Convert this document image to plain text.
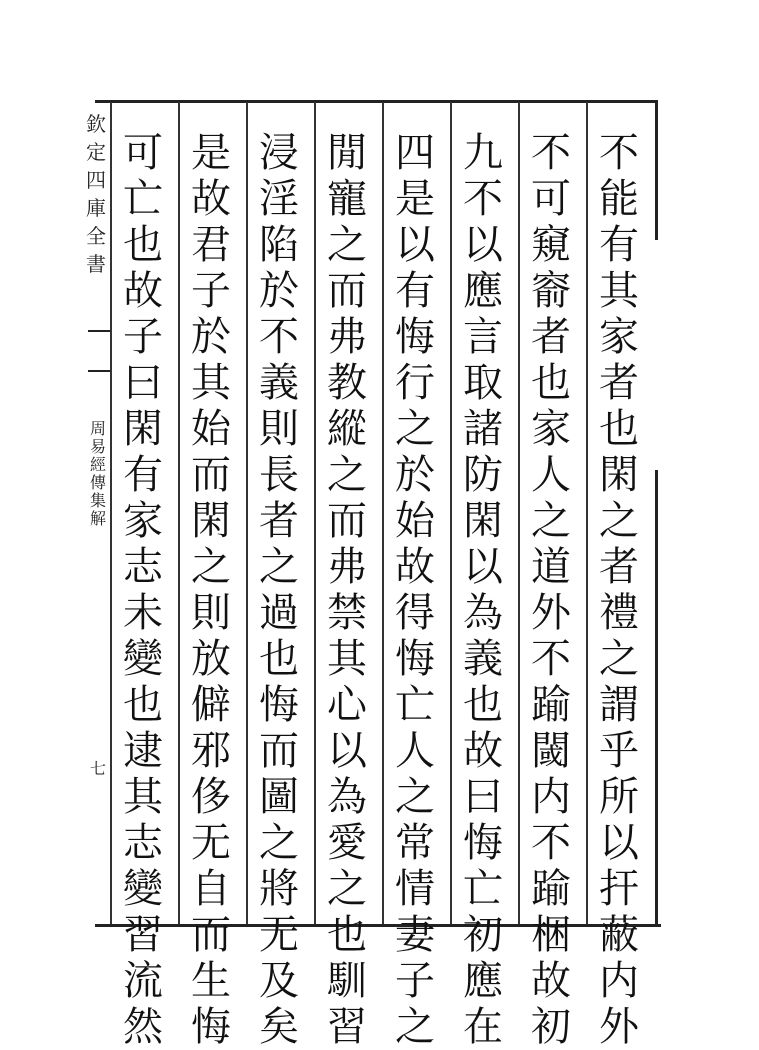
欽定四庫全書
周易經傳集解
七
不能有其家者也閑之者禮之謂乎所以扞蔽内外
不可窺窬者也家人之道外不踰閾内不踰梱故初
九不以應言取諸防閑以為義也故曰悔亡初應在
四是以有悔行之於始故得悔亡人之常情妻子之
閒寵之而弗教縱之而弗禁其心以為愛之也馴習
浸淫陷於不義則長者之過也悔而圖之將无及矣
是故君子於其始而閑之則放僻邪侈无自而生悔
可亡也故子曰閑有家志未變也逮其志變習流然
